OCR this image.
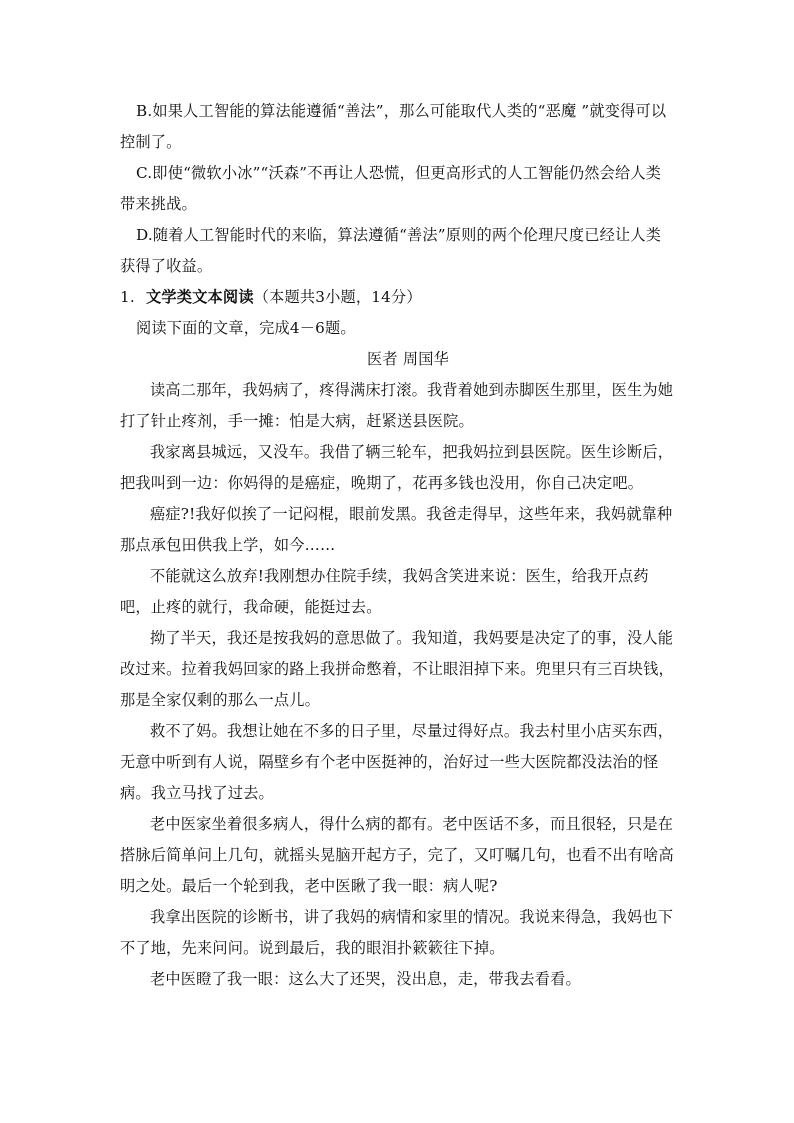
B.如果人工智能的算法能遵循“善法”，那么可能取代人类的“恶魔 ”就变得可以控制了。

C.即使“微软小冰”“沃森”不再让人恐慌，但更高形式的人工智能仍然会给人类带来挑战。

D.随着人工智能时代的来临，算法遵循“善法”原则的两个伦理尺度已经让人类获得了收益。

1. 文学类文本阅读（本题共3小题，14分）

阅读下面的文章，完成4－6题。

医者 周国华

读高二那年，我妈病了，疼得满床打滚。我背着她到赤脚医生那里，医生为她打了针止疼剂，手一摊：怕是大病，赶紧送县医院。

我家离县城远，又没车。我借了辆三轮车，把我妈拉到县医院。医生诊断后，把我叫到一边：你妈得的是癌症，晚期了，花再多钱也没用，你自己决定吧。

癌症?!我好似挨了一记闷棍，眼前发黑。我爸走得早，这些年来，我妈就靠种那点承包田供我上学，如今……

不能就这么放弃!我刚想办住院手续，我妈含笑进来说：医生，给我开点药吧，止疼的就行，我命硬，能挺过去。

拗了半天，我还是按我妈的意思做了。我知道，我妈要是决定了的事，没人能改过来。拉着我妈回家的路上我拼命憋着，不让眼泪掉下来。兜里只有三百块钱，那是全家仅剩的那么一点儿。

救不了妈。我想让她在不多的日子里，尽量过得好点。我去村里小店买东西，无意中听到有人说，隔壁乡有个老中医挺神的，治好过一些大医院都没法治的怪病。我立马找了过去。

老中医家坐着很多病人，得什么病的都有。老中医话不多，而且很轻，只是在搭脉后简单问上几句，就摇头晃脑开起方子，完了，又叮嘱几句，也看不出有啥高明之处。最后一个轮到我，老中医瞅了我一眼：病人呢?

我拿出医院的诊断书，讲了我妈的病情和家里的情况。我说来得急，我妈也下不了地，先来问问。说到最后，我的眼泪扑簌簌往下掉。

老中医瞪了我一眼：这么大了还哭，没出息，走，带我去看看。
